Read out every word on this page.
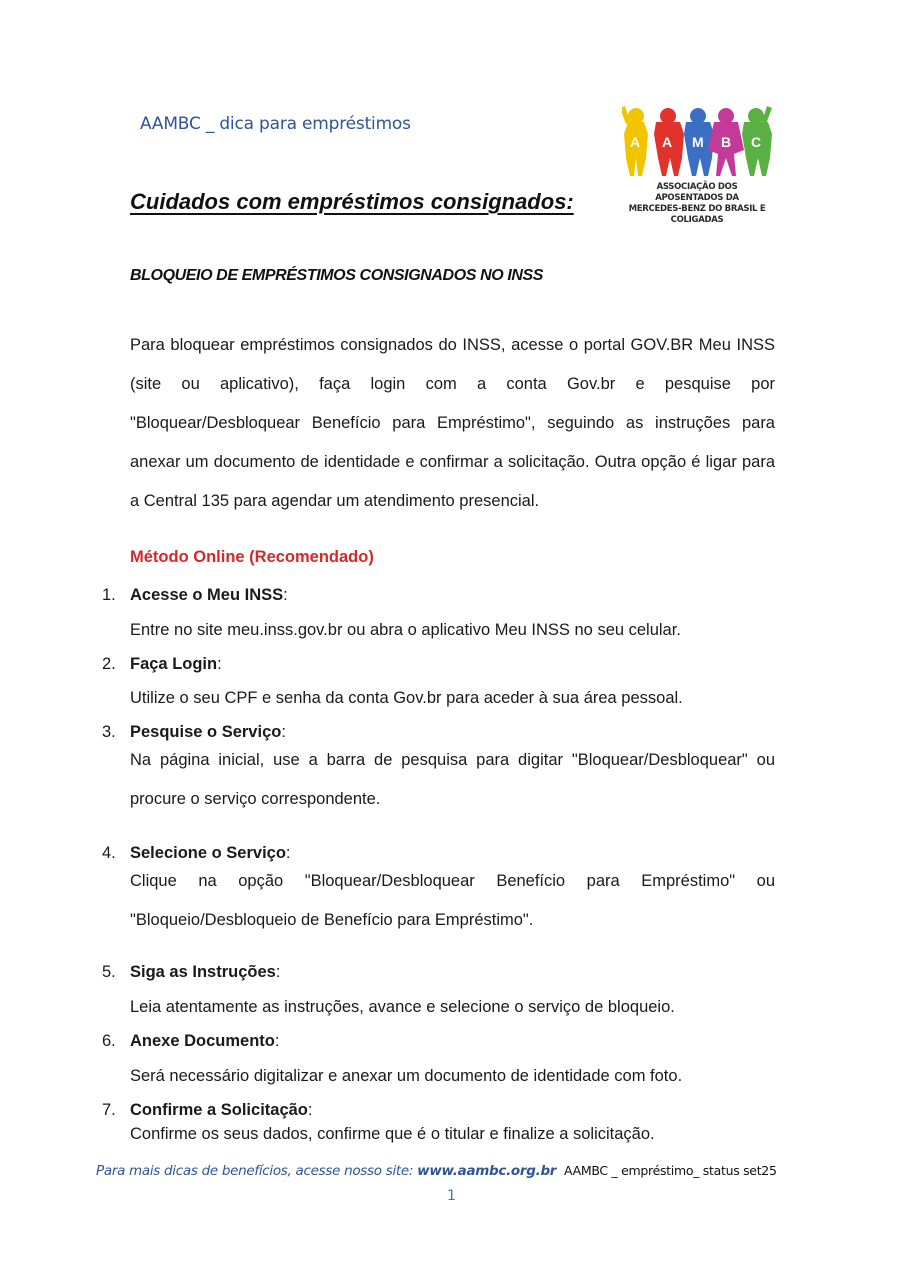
AAMBC _ dica para empréstimos
A A M B C
ASSOCIAÇÃO DOS APOSENTADOS DA
MERCEDES-BENZ DO BRASIL E COLIGADAS
Cuidados com empréstimos consignados:
BLOQUEIO DE EMPRÉSTIMOS CONSIGNADOS NO INSS
Para bloquear empréstimos consignados do INSS, acesse o portal GOV.BR Meu INSS (site ou aplicativo), faça login com a conta Gov.br e pesquise por "Bloquear/Desbloquear Benefício para Empréstimo", seguindo as instruções para anexar um documento de identidade e confirmar a solicitação. Outra opção é ligar para a Central 135 para agendar um atendimento presencial.
Método Online (Recomendado)
1. Acesse o Meu INSS:
Entre no site meu.inss.gov.br ou abra o aplicativo Meu INSS no seu celular.
2. Faça Login:
Utilize o seu CPF e senha da conta Gov.br para aceder à sua área pessoal.
3. Pesquise o Serviço:
Na página inicial, use a barra de pesquisa para digitar "Bloquear/Desbloquear" ou procure o serviço correspondente.
4. Selecione o Serviço:
Clique na opção "Bloquear/Desbloquear Benefício para Empréstimo" ou "Bloqueio/Desbloqueio de Benefício para Empréstimo".
5. Siga as Instruções:
Leia atentamente as instruções, avance e selecione o serviço de bloqueio.
6. Anexe Documento:
Será necessário digitalizar e anexar um documento de identidade com foto.
7. Confirme a Solicitação:
Confirme os seus dados, confirme que é o titular e finalize a solicitação.
Para mais dicas de benefícios, acesse nosso site: www.aambc.org.br AAMBC _ empréstimo_ status set25
1
